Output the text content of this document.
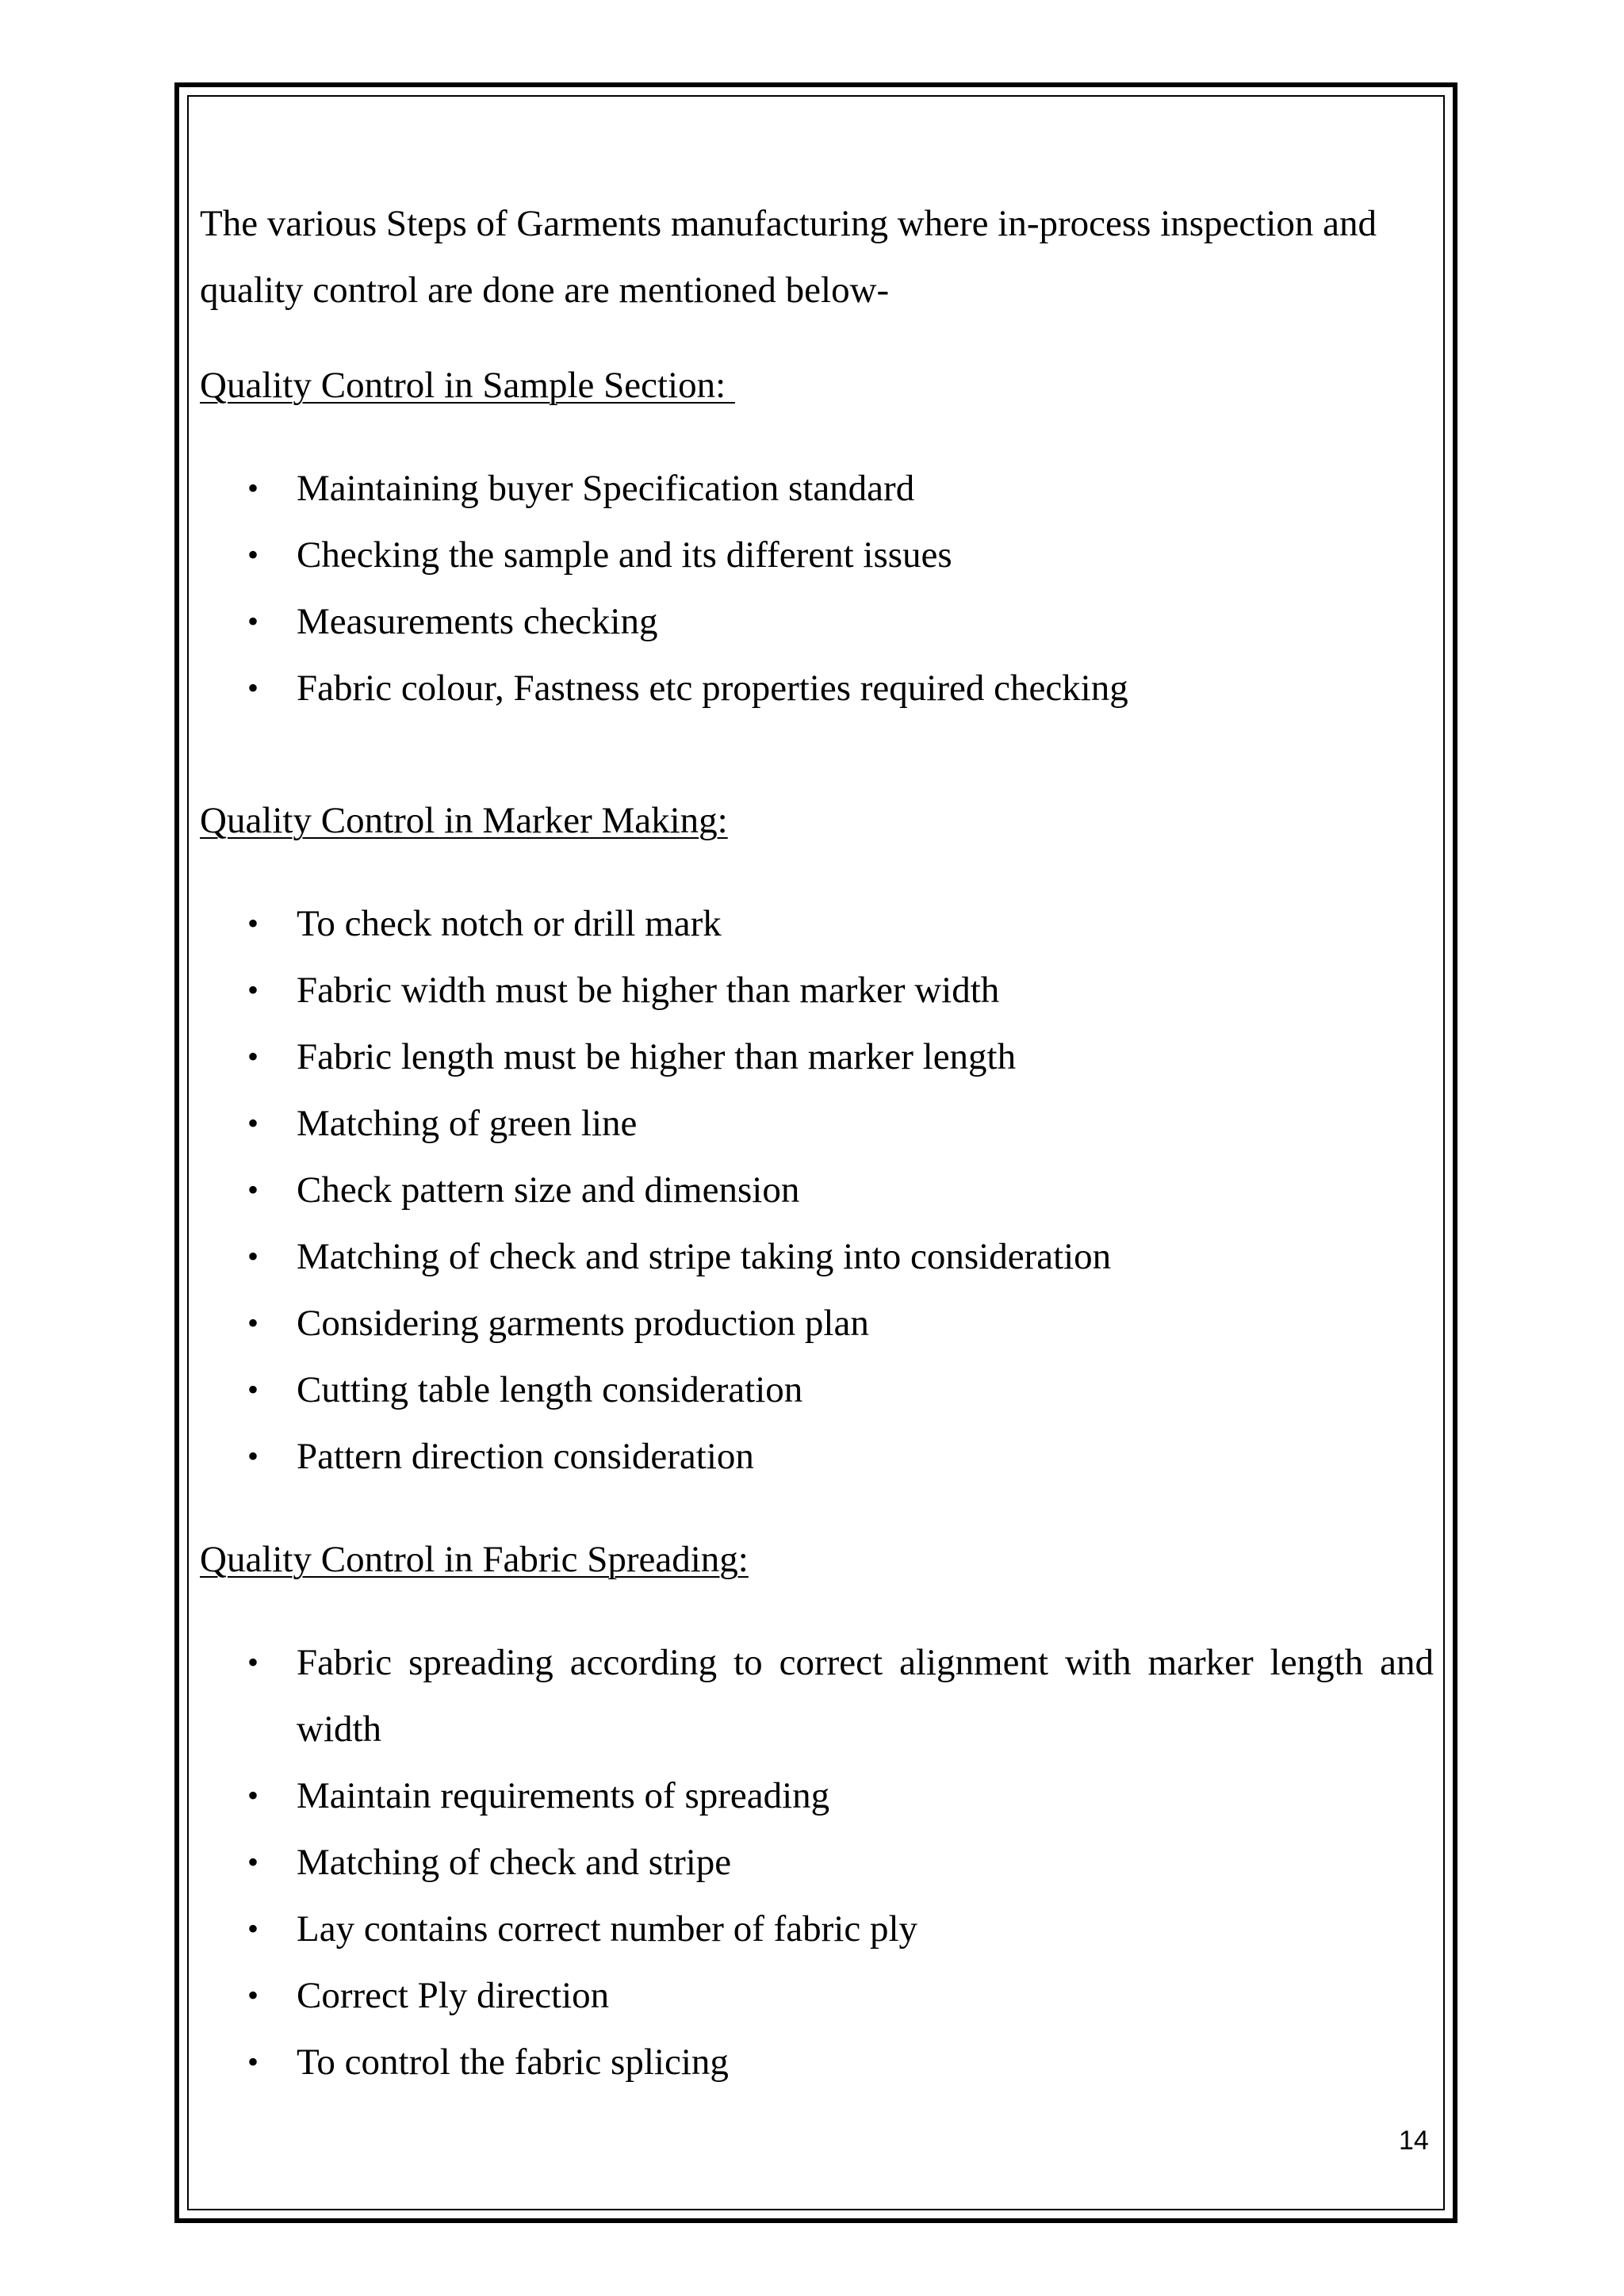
The various Steps of Garments manufacturing where in-process inspection and quality control are done are mentioned below-

Quality Control in Sample Section:

• Maintaining buyer Specification standard
• Checking the sample and its different issues
• Measurements checking
• Fabric colour, Fastness etc properties required checking

Quality Control in Marker Making:

• To check notch or drill mark
• Fabric width must be higher than marker width
• Fabric length must be higher than marker length
• Matching of green line
• Check pattern size and dimension
• Matching of check and stripe taking into consideration
• Considering garments production plan
• Cutting table length consideration
• Pattern direction consideration

Quality Control in Fabric Spreading:

• Fabric spreading according to correct alignment with marker length and width
• Maintain requirements of spreading
• Matching of check and stripe
• Lay contains correct number of fabric ply
• Correct Ply direction
• To control the fabric splicing
14
